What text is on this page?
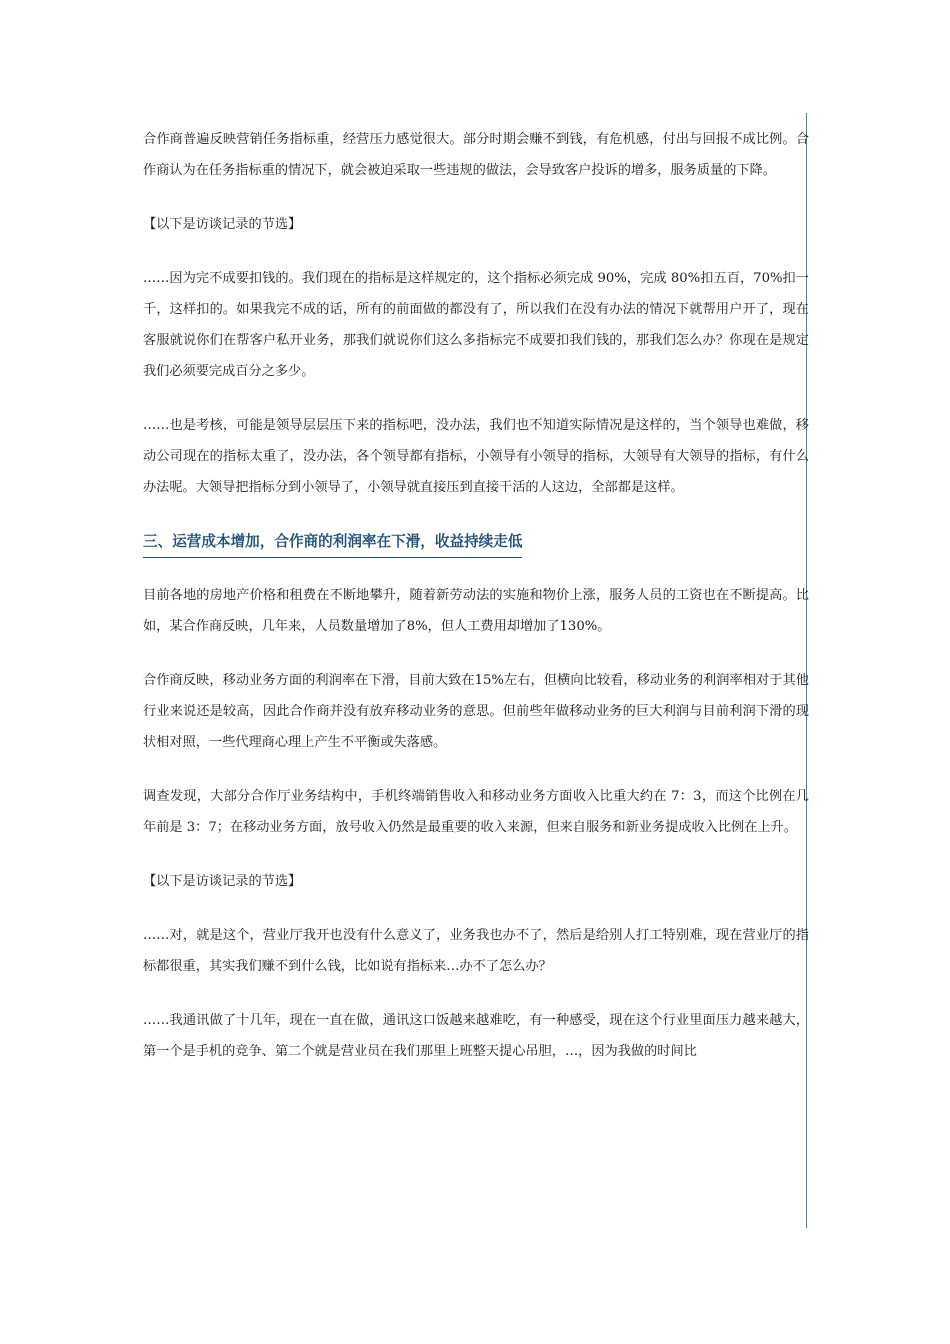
合作商普遍反映营销任务指标重，经营压力感觉很大。部分时期会赚不到钱，有危机感，付出与回报不成比例。合作商认为在任务指标重的情况下，就会被迫采取一些违规的做法，会导致客户投诉的增多，服务质量的下降。

【以下是访谈记录的节选】

……因为完不成要扣钱的。我们现在的指标是这样规定的，这个指标必须完成 90%，完成 80%扣五百，70%扣一千，这样扣的。如果我完不成的话，所有的前面做的都没有了，所以我们在没有办法的情况下就帮用户开了，现在客服就说你们在帮客户私开业务，那我们就说你们这么多指标完不成要扣我们钱的，那我们怎么办？你现在是规定我们必须要完成百分之多少。

……也是考核，可能是领导层层压下来的指标吧，没办法，我们也不知道实际情况是这样的，当个领导也难做，移动公司现在的指标太重了，没办法，各个领导都有指标，小领导有小领导的指标，大领导有大领导的指标，有什么办法呢。大领导把指标分到小领导了，小领导就直接压到直接干活的人这边，全部都是这样。

三、运营成本增加，合作商的利润率在下滑，收益持续走低

目前各地的房地产价格和租费在不断地攀升，随着新劳动法的实施和物价上涨，服务人员的工资也在不断提高。比如，某合作商反映，几年来，人员数量增加了8%，但人工费用却增加了130%。

合作商反映，移动业务方面的利润率在下滑，目前大致在15%左右，但横向比较看，移动业务的利润率相对于其他行业来说还是较高，因此合作商并没有放弃移动业务的意思。但前些年做移动业务的巨大利润与目前利润下滑的现状相对照，一些代理商心理上产生不平衡或失落感。

调查发现，大部分合作厅业务结构中，手机终端销售收入和移动业务方面收入比重大约在 7：3，而这个比例在几年前是 3：7；在移动业务方面，放号收入仍然是最重要的收入来源，但来自服务和新业务提成收入比例在上升。

【以下是访谈记录的节选】

……对，就是这个，营业厅我开也没有什么意义了，业务我也办不了，然后是给别人打工特别难，现在营业厅的指标都很重，其实我们赚不到什么钱，比如说有指标来…办不了怎么办？

……我通讯做了十几年，现在一直在做，通讯这口饭越来越难吃，有一种感受，现在这个行业里面压力越来越大，第一个是手机的竞争、第二个就是营业员在我们那里上班整天提心吊胆，…，因为我做的时间比
